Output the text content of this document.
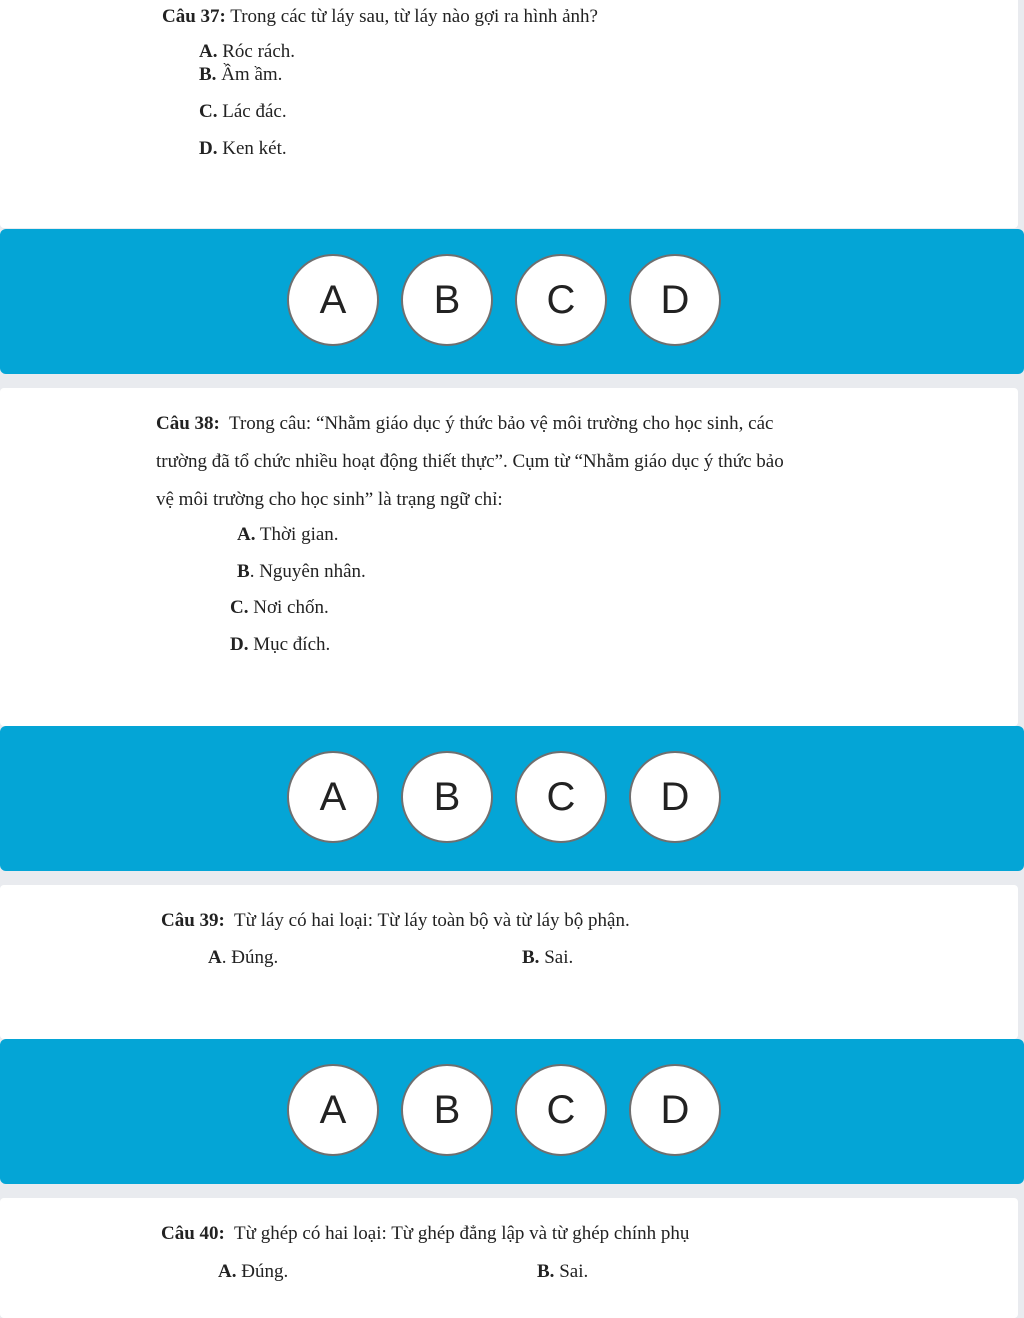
Câu 37: Trong các từ láy sau, từ láy nào gợi ra hình ảnh?
A. Róc rách.
B. Ầm ầm.
C. Lác đác.
D. Ken két.
A	B	C	D
Câu 38: Trong câu: “Nhằm giáo dục ý thức bảo vệ môi trường cho học sinh, các
trường đã tổ chức nhiều hoạt động thiết thực”. Cụm từ “Nhằm giáo dục ý thức bảo
vệ môi trường cho học sinh” là trạng ngữ chỉ:
A. Thời gian.
B. Nguyên nhân.
C. Nơi chốn.
D. Mục đích.
A	B	C	D
Câu 39: Từ láy có hai loại: Từ láy toàn bộ và từ láy bộ phận.
A. Đúng.	B. Sai.
A	B	C	D
Câu 40: Từ ghép có hai loại: Từ ghép đẳng lập và từ ghép chính phụ
A. Đúng.	B. Sai.
